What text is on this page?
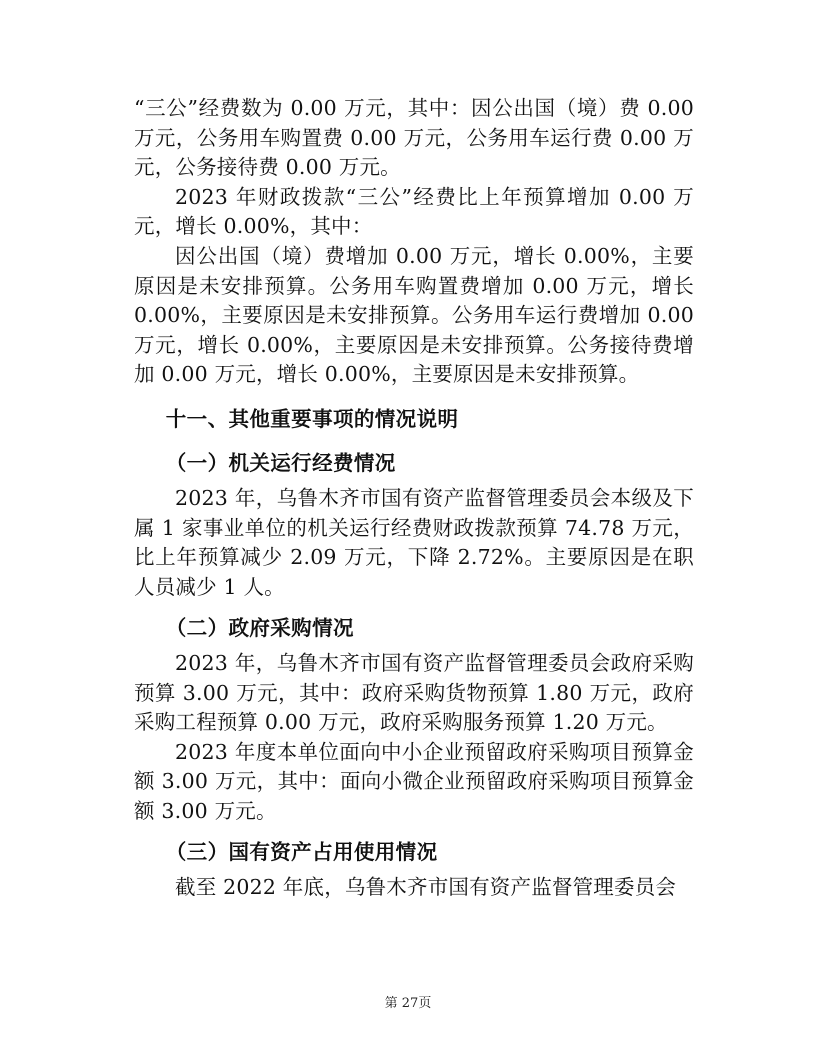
“三公”经费数为 0.00 万元，其中：因公出国（境）费 0.00 万元，公务用车购置费 0.00 万元，公务用车运行费 0.00 万元，公务接待费 0.00 万元。

2023 年财政拨款“三公”经费比上年预算增加 0.00 万元，增长 0.00%，其中：

因公出国（境）费增加 0.00 万元，增长 0.00%，主要原因是未安排预算。公务用车购置费增加 0.00 万元，增长 0.00%，主要原因是未安排预算。公务用车运行费增加 0.00 万元，增长 0.00%，主要原因是未安排预算。公务接待费增加 0.00 万元，增长 0.00%，主要原因是未安排预算。

十一、其他重要事项的情况说明
（一）机关运行经费情况

2023 年，乌鲁木齐市国有资产监督管理委员会本级及下属 1 家事业单位的机关运行经费财政拨款预算 74.78 万元，比上年预算减少 2.09 万元，下降 2.72%。主要原因是在职人员减少 1 人。

（二）政府采购情况

2023 年，乌鲁木齐市国有资产监督管理委员会政府采购预算 3.00 万元，其中：政府采购货物预算 1.80 万元，政府采购工程预算 0.00 万元，政府采购服务预算 1.20 万元。

2023 年度本单位面向中小企业预留政府采购项目预算金额 3.00 万元，其中：面向小微企业预留政府采购项目预算金额 3.00 万元。

（三）国有资产占用使用情况

截至 2022 年底，乌鲁木齐市国有资产监督管理委员会

第 27页
